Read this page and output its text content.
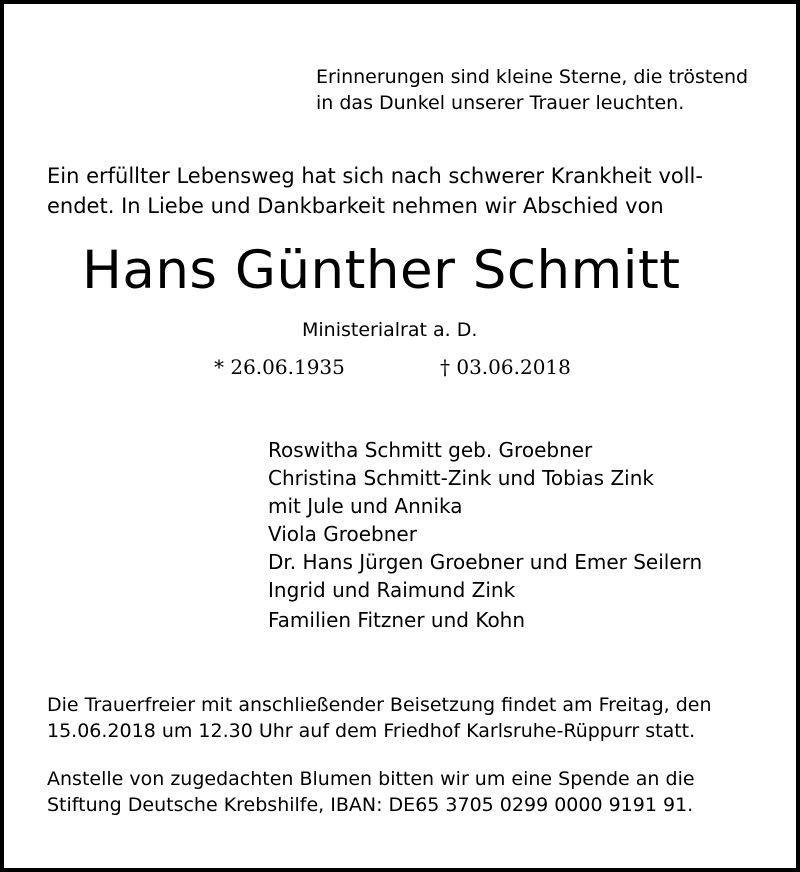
Erinnerungen sind kleine Sterne, die tröstend
in das Dunkel unserer Trauer leuchten.
Ein erfüllter Lebensweg hat sich nach schwerer Krankheit voll-
endet. In Liebe und Dankbarkeit nehmen wir Abschied von
Hans Günther Schmitt
Ministerialrat a. D.
* 26.06.1935	† 03.06.2018
Roswitha Schmitt geb. Groebner
Christina Schmitt-Zink und Tobias Zink
mit Jule und Annika
Viola Groebner
Dr. Hans Jürgen Groebner und Emer Seilern
Ingrid und Raimund Zink
Familien Fitzner und Kohn
Die Trauerfreier mit anschließender Beisetzung findet am Freitag, den
15.06.2018 um 12.30 Uhr auf dem Friedhof Karlsruhe-Rüppurr statt.
Anstelle von zugedachten Blumen bitten wir um eine Spende an die
Stiftung Deutsche Krebshilfe, IBAN: DE65 3705 0299 0000 9191 91.
